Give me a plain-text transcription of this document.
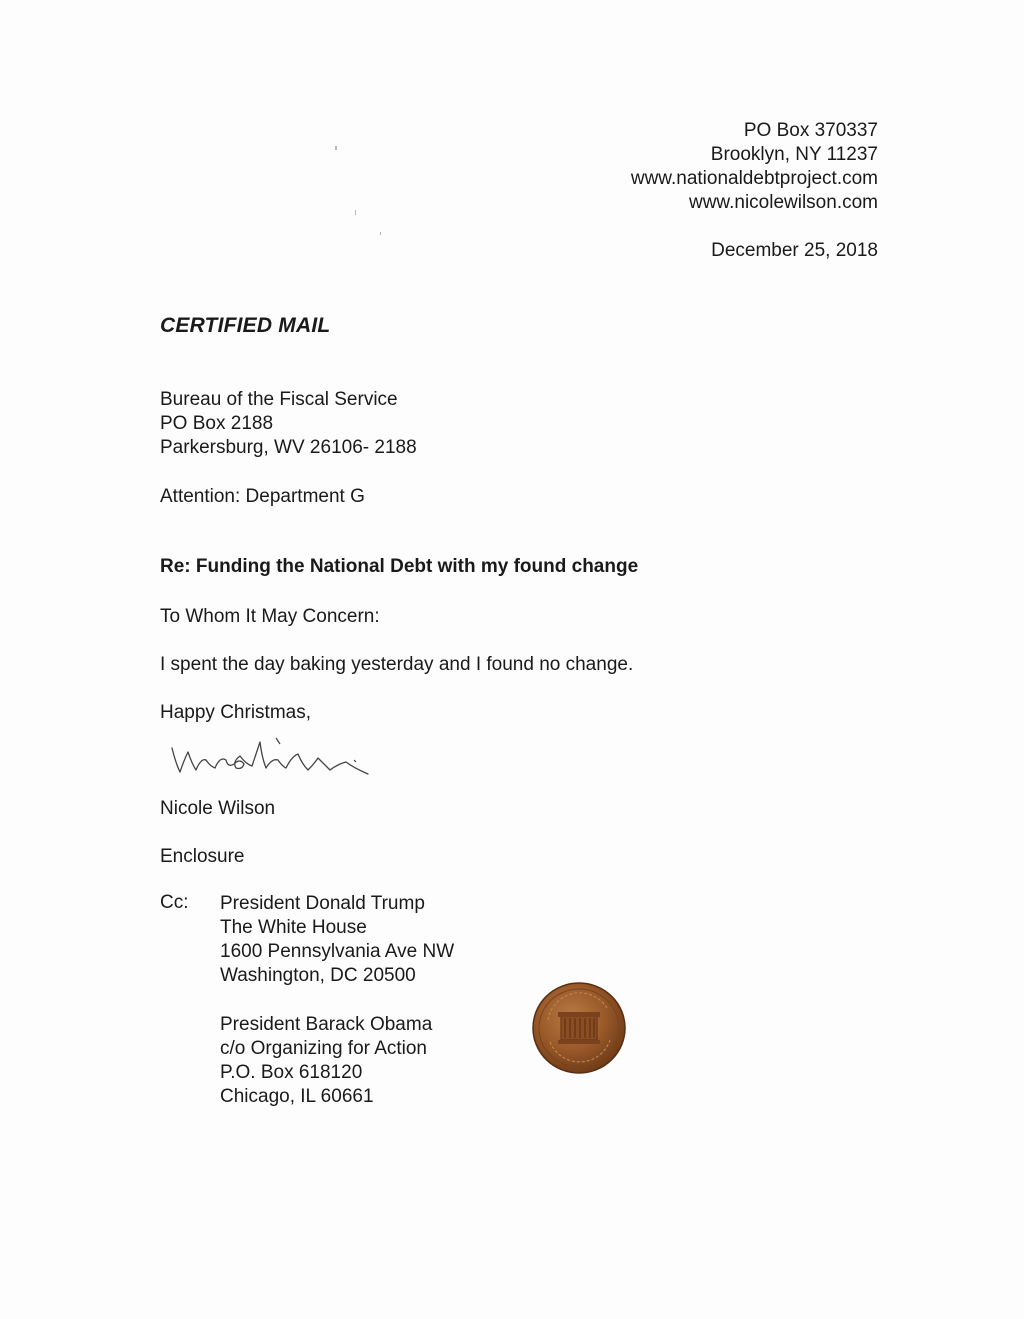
PO Box 370337
Brooklyn, NY 11237
www.nationaldebtproject.com
www.nicolewilson.com
December 25, 2018
CERTIFIED MAIL
Bureau of the Fiscal Service
PO Box 2188
Parkersburg, WV 26106- 2188
Attention: Department G
Re: Funding the National Debt with my found change
To Whom It May Concern:
I spent the day baking yesterday and I found no change.
Happy Christmas,
Nicole Wilson
Enclosure
Cc: President Donald Trump
The White House
1600 Pennsylvania Ave NW
Washington, DC 20500
President Barack Obama
c/o Organizing for Action
P.O. Box 618120
Chicago, IL 60661
